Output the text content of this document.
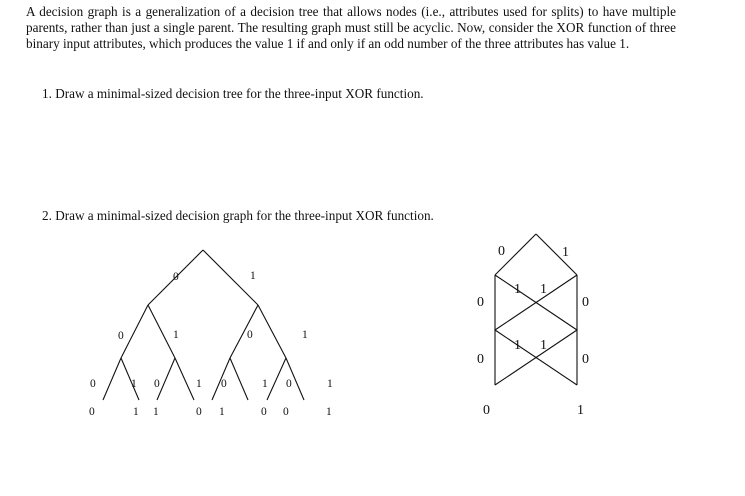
A decision graph is a generalization of a decision tree that allows nodes (i.e., attributes used for splits) to have multiple parents, rather than just a single parent. The resulting graph must still be acyclic. Now, consider the XOR function of three binary input attributes, which produces the value 1 if and only if an odd number of the three attributes has value 1.

1. Draw a minimal-sized decision tree for the three-input XOR function.

2. Draw a minimal-sized decision graph for the three-input XOR function.

0	1
0	1	0	1
0	1 0	1 0	1 0	1
0	1 1	0 1	0 0	1
0	1
1 1
0	0
1 1
0	0
0	1
